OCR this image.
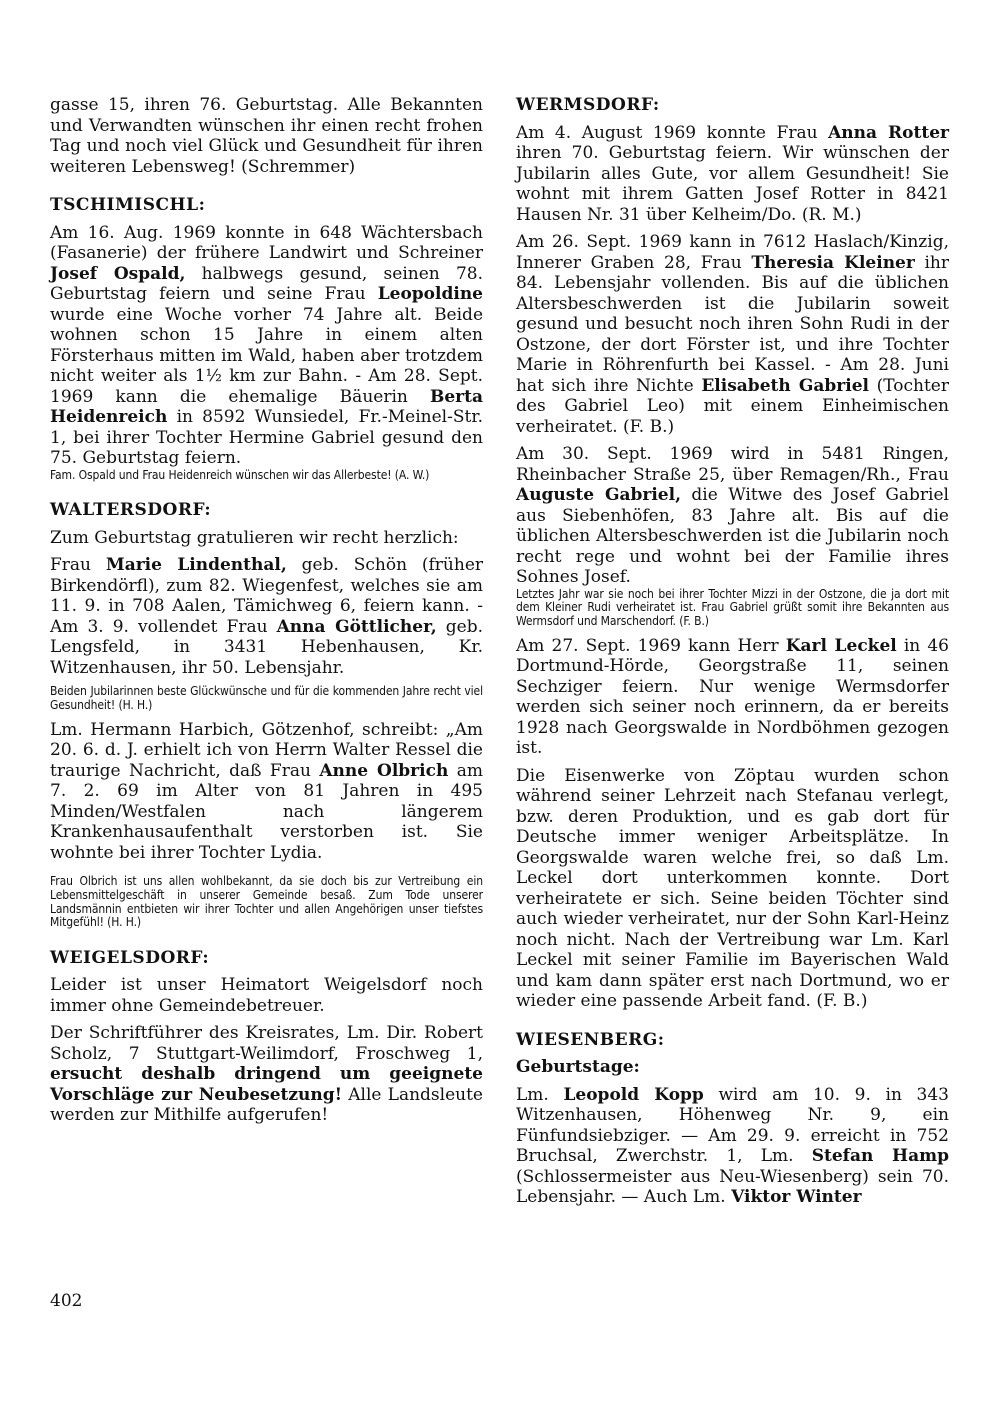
gasse 15, ihren 76. Geburtstag. Alle Bekannten und Verwandten wünschen ihr einen recht frohen Tag und noch viel Glück und Gesundheit für ihren weiteren Lebensweg! (Schremmer)

TSCHIMISCHL:

Am 16. Aug. 1969 konnte in 648 Wächtersbach (Fasanerie) der frühere Landwirt und Schreiner Josef Ospald, halbwegs gesund, seinen 78. Geburtstag feiern und seine Frau Leopoldine wurde eine Woche vorher 74 Jahre alt. Beide wohnen schon 15 Jahre in einem alten Försterhaus mitten im Wald, haben aber trotzdem nicht weiter als 1½ km zur Bahn. - Am 28. Sept. 1969 kann die ehemalige Bäuerin Berta Heidenreich in 8592 Wunsiedel, Fr.-Meinel-Str. 1, bei ihrer Tochter Hermine Gabriel gesund den 75. Geburtstag feiern.

Fam. Ospald und Frau Heidenreich wünschen wir das Allerbeste! (A. W.)

WALTERSDORF:

Zum Geburtstag gratulieren wir recht herzlich:

Frau Marie Lindenthal, geb. Schön (früher Birkendörfl), zum 82. Wiegenfest, welches sie am 11. 9. in 708 Aalen, Tämichweg 6, feiern kann. - Am 3. 9. vollendet Frau Anna Göttlicher, geb. Lengsfeld, in 3431 Hebenhausen, Kr. Witzenhausen, ihr 50. Lebensjahr.

Beiden Jubilarinnen beste Glückwünsche und für die kommenden Jahre recht viel Gesundheit! (H. H.)

Lm. Hermann Harbich, Götzenhof, schreibt: „Am 20. 6. d. J. erhielt ich von Herrn Walter Ressel die traurige Nachricht, daß Frau Anne Olbrich am 7. 2. 69 im Alter von 81 Jahren in 495 Minden/Westfalen nach längerem Krankenhausaufenthalt verstorben ist. Sie wohnte bei ihrer Tochter Lydia.

Frau Olbrich ist uns allen wohlbekannt, da sie doch bis zur Vertreibung ein Lebensmittelgeschäft in unserer Gemeinde besaß. Zum Tode unserer Landsmännin entbieten wir ihrer Tochter und allen Angehörigen unser tiefstes Mitgefühl! (H. H.)

WEIGELSDORF:

Leider ist unser Heimatort Weigelsdorf noch immer ohne Gemeindebetreuer.

Der Schriftführer des Kreisrates, Lm. Dir. Robert Scholz, 7 Stuttgart-Weilimdorf, Froschweg 1, ersucht deshalb dringend um geeignete Vorschläge zur Neubesetzung! Alle Landsleute werden zur Mithilfe aufgerufen!

WERMSDORF:

Am 4. August 1969 konnte Frau Anna Rotter ihren 70. Geburtstag feiern. Wir wünschen der Jubilarin alles Gute, vor allem Gesundheit! Sie wohnt mit ihrem Gatten Josef Rotter in 8421 Hausen Nr. 31 über Kelheim/Do. (R. M.)

Am 26. Sept. 1969 kann in 7612 Haslach/Kinzig, Innerer Graben 28, Frau Theresia Kleiner ihr 84. Lebensjahr vollenden. Bis auf die üblichen Altersbeschwerden ist die Jubilarin soweit gesund und besucht noch ihren Sohn Rudi in der Ostzone, der dort Förster ist, und ihre Tochter Marie in Röhrenfurth bei Kassel. - Am 28. Juni hat sich ihre Nichte Elisabeth Gabriel (Tochter des Gabriel Leo) mit einem Einheimischen verheiratet. (F. B.)

Am 30. Sept. 1969 wird in 5481 Ringen, Rheinbacher Straße 25, über Remagen/Rh., Frau Auguste Gabriel, die Witwe des Josef Gabriel aus Siebenhöfen, 83 Jahre alt. Bis auf die üblichen Altersbeschwerden ist die Jubilarin noch recht rege und wohnt bei der Familie ihres Sohnes Josef.

Letztes Jahr war sie noch bei ihrer Tochter Mizzi in der Ostzone, die ja dort mit dem Kleiner Rudi verheiratet ist. Frau Gabriel grüßt somit ihre Bekannten aus Wermsdorf und Marschendorf. (F. B.)

Am 27. Sept. 1969 kann Herr Karl Leckel in 46 Dortmund-Hörde, Georgstraße 11, seinen Sechziger feiern. Nur wenige Wermsdorfer werden sich seiner noch erinnern, da er bereits 1928 nach Georgswalde in Nordböhmen gezogen ist.

Die Eisenwerke von Zöptau wurden schon während seiner Lehrzeit nach Stefanau verlegt, bzw. deren Produktion, und es gab dort für Deutsche immer weniger Arbeitsplätze. In Georgswalde waren welche frei, so daß Lm. Leckel dort unterkommen konnte. Dort verheiratete er sich. Seine beiden Töchter sind auch wieder verheiratet, nur der Sohn Karl-Heinz noch nicht. Nach der Vertreibung war Lm. Karl Leckel mit seiner Familie im Bayerischen Wald und kam dann später erst nach Dortmund, wo er wieder eine passende Arbeit fand. (F. B.)

WIESENBERG:

Geburtstage:

Lm. Leopold Kopp wird am 10. 9. in 343 Witzenhausen, Höhenweg Nr. 9, ein Fünfundsiebziger. — Am 29. 9. erreicht in 752 Bruchsal, Zwerchstr. 1, Lm. Stefan Hamp (Schlossermeister aus Neu-Wiesenberg) sein 70. Lebensjahr. — Auch Lm. Viktor Winter

402
